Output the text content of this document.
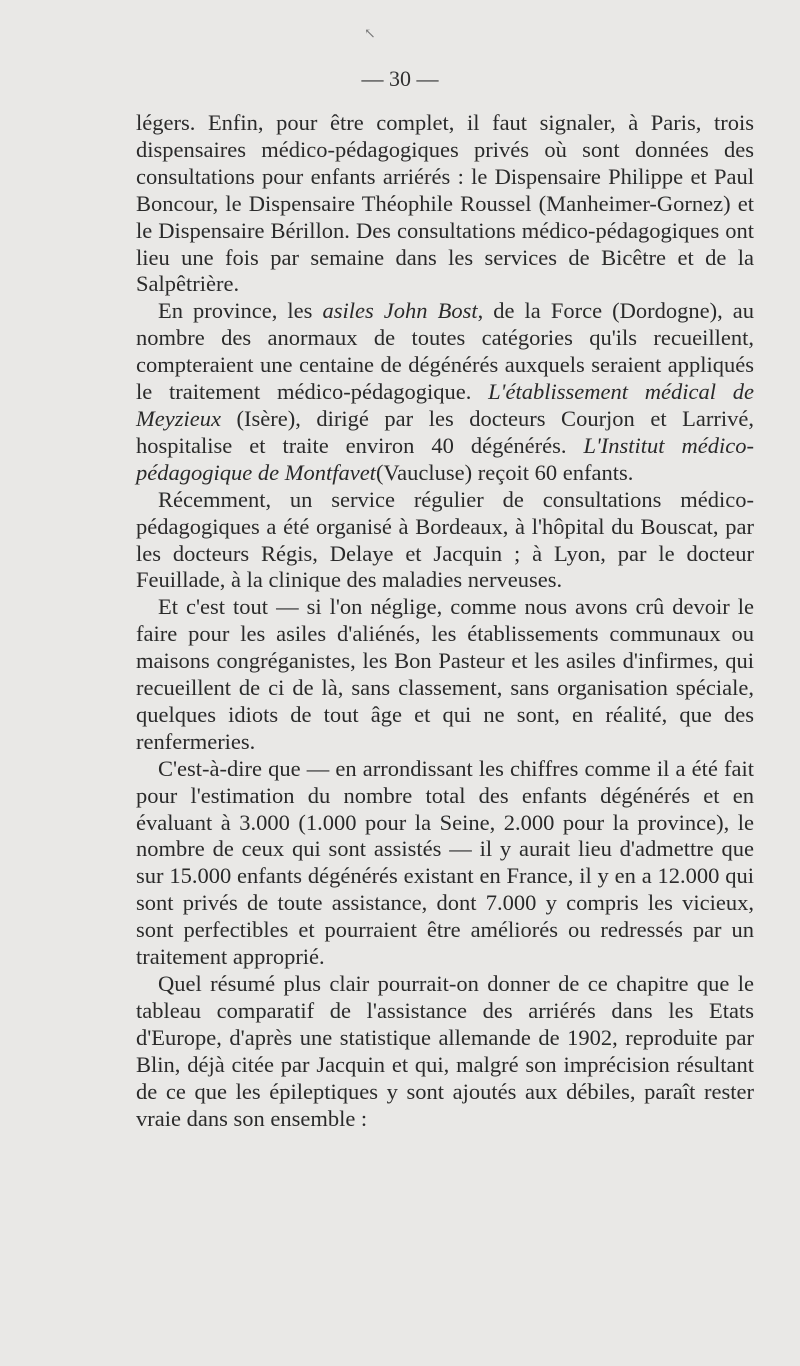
↖
— 30 —

légers. Enfin, pour être complet, il faut signaler, à Paris, trois dispensaires médico-pédagogiques privés où sont données des consultations pour enfants arriérés : le Dispensaire Philippe et Paul Boncour, le Dispensaire Théophile Roussel (Manheimer-Gornez) et le Dispensaire Bérillon. Des consultations médico-pédagogiques ont lieu une fois par semaine dans les services de Bicêtre et de la Salpêtrière.

En province, les asiles John Bost, de la Force (Dordogne), au nombre des anormaux de toutes catégories qu'ils recueillent, compteraient une centaine de dégénérés auxquels seraient appliqués le traitement médico-pédagogique. L'établissement médical de Meyzieux (Isère), dirigé par les docteurs Courjon et Larrivé, hospitalise et traite environ 40 dégénérés. L'Institut médico-pédagogique de Montfavet(Vaucluse) reçoit 60 enfants.

Récemment, un service régulier de consultations médico-pédagogiques a été organisé à Bordeaux, à l'hôpital du Bouscat, par les docteurs Régis, Delaye et Jacquin ; à Lyon, par le docteur Feuillade, à la clinique des maladies nerveuses.

Et c'est tout — si l'on néglige, comme nous avons crû devoir le faire pour les asiles d'aliénés, les établissements communaux ou maisons congréganistes, les Bon Pasteur et les asiles d'infirmes, qui recueillent de ci de là, sans classement, sans organisation spéciale, quelques idiots de tout âge et qui ne sont, en réalité, que des renfermeries.

C'est-à-dire que — en arrondissant les chiffres comme il a été fait pour l'estimation du nombre total des enfants dégénérés et en évaluant à 3.000 (1.000 pour la Seine, 2.000 pour la province), le nombre de ceux qui sont assistés — il y aurait lieu d'admettre que sur 15.000 enfants dégénérés existant en France, il y en a 12.000 qui sont privés de toute assistance, dont 7.000 y compris les vicieux, sont perfectibles et pourraient être améliorés ou redressés par un traitement approprié.

Quel résumé plus clair pourrait-on donner de ce chapitre que le tableau comparatif de l'assistance des arriérés dans les Etats d'Europe, d'après une statistique allemande de 1902, reproduite par Blin, déjà citée par Jacquin et qui, malgré son imprécision résultant de ce que les épileptiques y sont ajoutés aux débiles, paraît rester vraie dans son ensemble :
